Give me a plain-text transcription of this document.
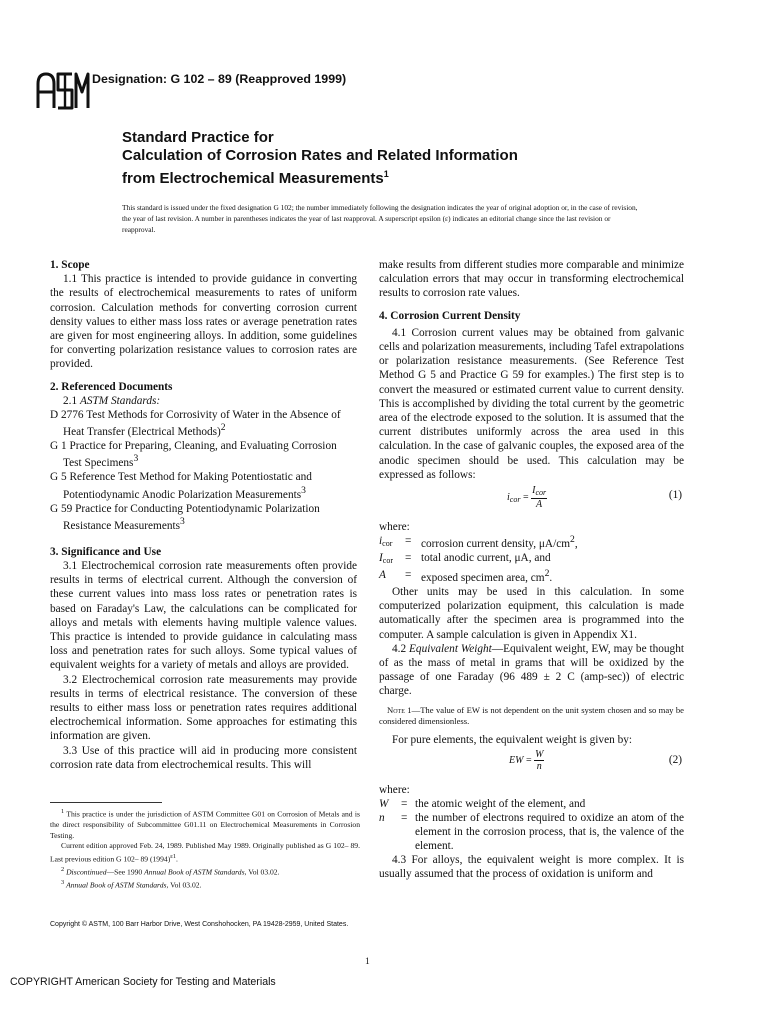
Designation: G 102 – 89 (Reapproved 1999)
Standard Practice for
Calculation of Corrosion Rates and Related Information
from Electrochemical Measurements$^1$
This standard is issued under the fixed designation G 102; the number immediately following the designation indicates the year of original adoption or, in the case of revision, the year of last revision. A number in parentheses indicates the year of last reapproval. A superscript epsilon (ε) indicates an editorial change since the last revision or reapproval.

1. Scope

1.1 This practice is intended to provide guidance in converting the results of electrochemical measurements to rates of uniform corrosion. Calculation methods for converting corrosion current density values to either mass loss rates or average penetration rates are given for most engineering alloys. In addition, some guidelines for converting polarization resistance values to corrosion rates are provided.

2. Referenced Documents

2.1 ASTM Standards:

D 2776 Test Methods for Corrosivity of Water in the Absence of Heat Transfer (Electrical Methods)$^2$

G 1 Practice for Preparing, Cleaning, and Evaluating Corrosion Test Specimens$^3$

G 5 Reference Test Method for Making Potentiostatic and Potentiodynamic Anodic Polarization Measurements$^3$

G 59 Practice for Conducting Potentiodynamic Polarization Resistance Measurements$^3$

3. Significance and Use

3.1 Electrochemical corrosion rate measurements often provide results in terms of electrical current. Although the conversion of these current values into mass loss rates or penetration rates is based on Faraday's Law, the calculations can be complicated for alloys and metals with elements having multiple valence values. This practice is intended to provide guidance in calculating mass loss and penetration rates for such alloys. Some typical values of equivalent weights for a variety of metals and alloys are provided.

3.2 Electrochemical corrosion rate measurements may provide results in terms of electrical resistance. The conversion of these results to either mass loss or penetration rates requires additional electrochemical information. Some approaches for estimating this information are given.

3.3 Use of this practice will aid in producing more consistent corrosion rate data from electrochemical results. This will

$^1$ This practice is under the jurisdiction of ASTM Committee G01 on Corrosion of Metals and is the direct responsibility of Subcommittee G01.11 on Electrochemical Measurements in Corrosion Testing.

Current edition approved Feb. 24, 1989. Published May 1989. Originally published as G 102– 89. Last previous edition G 102– 89 $(1994)^{\varepsilon 1}$.

$^2$ Discontinued—See 1990 Annual Book of ASTM Standards, Vol 03.02.

$^3$ Annual Book of ASTM Standards, Vol 03.02.

make results from different studies more comparable and minimize calculation errors that may occur in transforming electrochemical results to corrosion rate values.

4. Corrosion Current Density

4.1 Corrosion current values may be obtained from galvanic cells and polarization measurements, including Tafel extrapolations or polarization resistance measurements. (See Reference Test Method G 5 and Practice G 59 for examples.) The first step is to convert the measured or estimated current value to current density. This is accomplished by dividing the total current by the geometric area of the electrode exposed to the solution. It is assumed that the current distributes uniformly across the area used in this calculation. In the case of galvanic couples, the exposed area of the anodic specimen should be used. This calculation may be expressed as follows:

$i_{cor} = \frac{I_{cor}}{A}$	(1)

where:

$i_{cor}$	=	corrosion current density, $\mu A/cm^2$,
$I_{cor}$	=	total anodic current, μA, and
A	=	exposed specimen area, $cm^2$.

Other units may be used in this calculation. In some computerized polarization equipment, this calculation is made automatically after the specimen area is programmed into the computer. A sample calculation is given in Appendix X1.

4.2 Equivalent Weight—Equivalent weight, EW, may be thought of as the mass of metal in grams that will be oxidized by the passage of one Faraday (96 489 ± 2 C (amp-sec)) of electric charge.

Note 1—The value of EW is not dependent on the unit system chosen and so may be considered dimensionless.

For pure elements, the equivalent weight is given by:

EW = $\frac{W}{n}$	(2)

where:

W	=	the atomic weight of the element, and
n	=	the number of electrons required to oxidize an atom of the element in the corrosion process, that is, the valence of the element.

4.3 For alloys, the equivalent weight is more complex. It is usually assumed that the process of oxidation is uniform and

Copyright © ASTM, 100 Barr Harbor Drive, West Conshohocken, PA 19428-2959, United States.
1
COPYRIGHT American Society for Testing and Materials
